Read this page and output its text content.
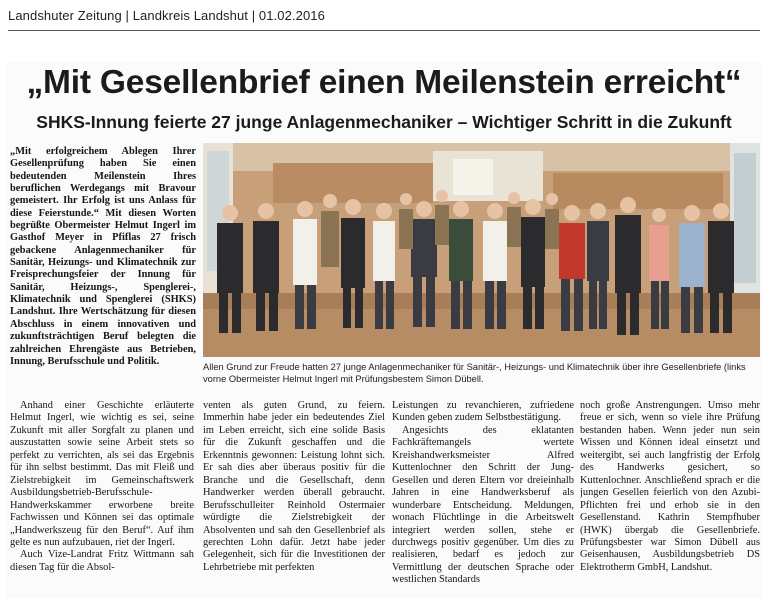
Landshuter Zeitung | Landkreis Landshut | 01.02.2016
„Mit Gesellenbrief einen Meilenstein erreicht“
SHKS-Innung feierte 27 junge Anlagenmechaniker – Wichtiger Schritt in die Zukunft
„Mit erfolgreichem Ablegen Ihrer Gesellenprüfung haben Sie einen bedeutenden Meilenstein Ihres beruflichen Werdegangs mit Bravour gemeistert. Ihr Erfolg ist uns Anlass für diese Feierstunde.“ Mit diesen Worten begrüßte Obermeister Helmut Ingerl im Gasthof Meyer in Pfiflas 27 frisch gebackene Anlagenmechaniker für Sanitär, Heizungs- und Klimatechnik zur Freisprechungsfeier der Innung für Sanitär, Heizungs-, Spenglerei-, Klimatechnik und Spenglerei (SHKS) Landshut. Ihre Wertschätzung für diesen Abschluss in einem innovativen und zukunftsträchtigen Beruf belegten die zahlreichen Ehrengäste aus Betrieben, Innung, Berufsschule und Politik.
Allen Grund zur Freude hatten 27 junge Anlagenmechaniker für Sanitär-, Heizungs- und Klimatechnik über ihre Gesellenbriefe (links vorne Obermeister Helmut Ingerl mit Prüfungsbestem Simon Dübell.

Anhand einer Geschichte erläuterte Helmut Ingerl, wie wichtig es sei, seine Zukunft mit aller Sorgfalt zu planen und auszustatten sowie seine Arbeit stets so perfekt zu verrichten, als sei das Ergebnis für ihn selbst bestimmt. Das mit Fleiß und Zielstrebigkeit im Gemeinschaftswerk Ausbildungsbetrieb-Berufsschule-Handwerkskammer erworbene breite Fachwissen und Können sei das optimale „Handwerkszeug für den Beruf“. Auf ihm gelte es nun aufzubauen, riet der Ingerl.

Auch Vize-Landrat Fritz Wittmann sah diesen Tag für die Absol-

venten als guten Grund, zu feiern. Immerhin habe jeder ein bedeutendes Ziel im Leben erreicht, sich eine solide Basis für die Zukunft geschaffen und die Erkenntnis gewonnen: Leistung lohnt sich. Er sah dies aber überaus positiv für die Branche und die Gesellschaft, denn Handwerker werden überall gebraucht. Berufsschulleiter Reinhold Ostermaier würdigte die Zielstrebigkeit der Absolventen und sah den Gesellenbrief als gerechten Lohn dafür. Jetzt habe jeder Gelegenheit, sich für die Investitionen der Lehrbetriebe mit perfekten

Leistungen zu revanchieren, zufriedene Kunden geben zudem Selbstbestätigung.

Angesichts des eklatanten Fachkräftemangels wertete Kreishandwerksmeister Alfred Kuttenlochner den Schritt der Jung-Gesellen und deren Eltern vor dreieinhalb Jahren in eine Handwerksberuf als wunderbare Entscheidung. Meldungen, wonach Flüchtlinge in die Arbeitswelt integriert werden sollen, stehe er durchwegs positiv gegenüber. Um dies zu realisieren, bedarf es jedoch zur Vermittlung der deutschen Sprache oder westlichen Standards

noch große Anstrengungen. Umso mehr freue er sich, wenn so viele ihre Prüfung bestanden haben. Wenn jeder nun sein Wissen und Können ideal einsetzt und weitergibt, sei auch langfristig der Erfolg des Handwerks gesichert, so Kuttenlochner. Anschließend sprach er die jungen Gesellen feierlich von den Azubi-Pflichten frei und erhob sie in den Gesellenstand. Kathrin Stempfhuber (HWK) übergab die Gesellenbriefe. Prüfungsbester war Simon Dübell aus Geisenhausen, Ausbildungsbetrieb DS Elektrotherm GmbH, Landshut.
